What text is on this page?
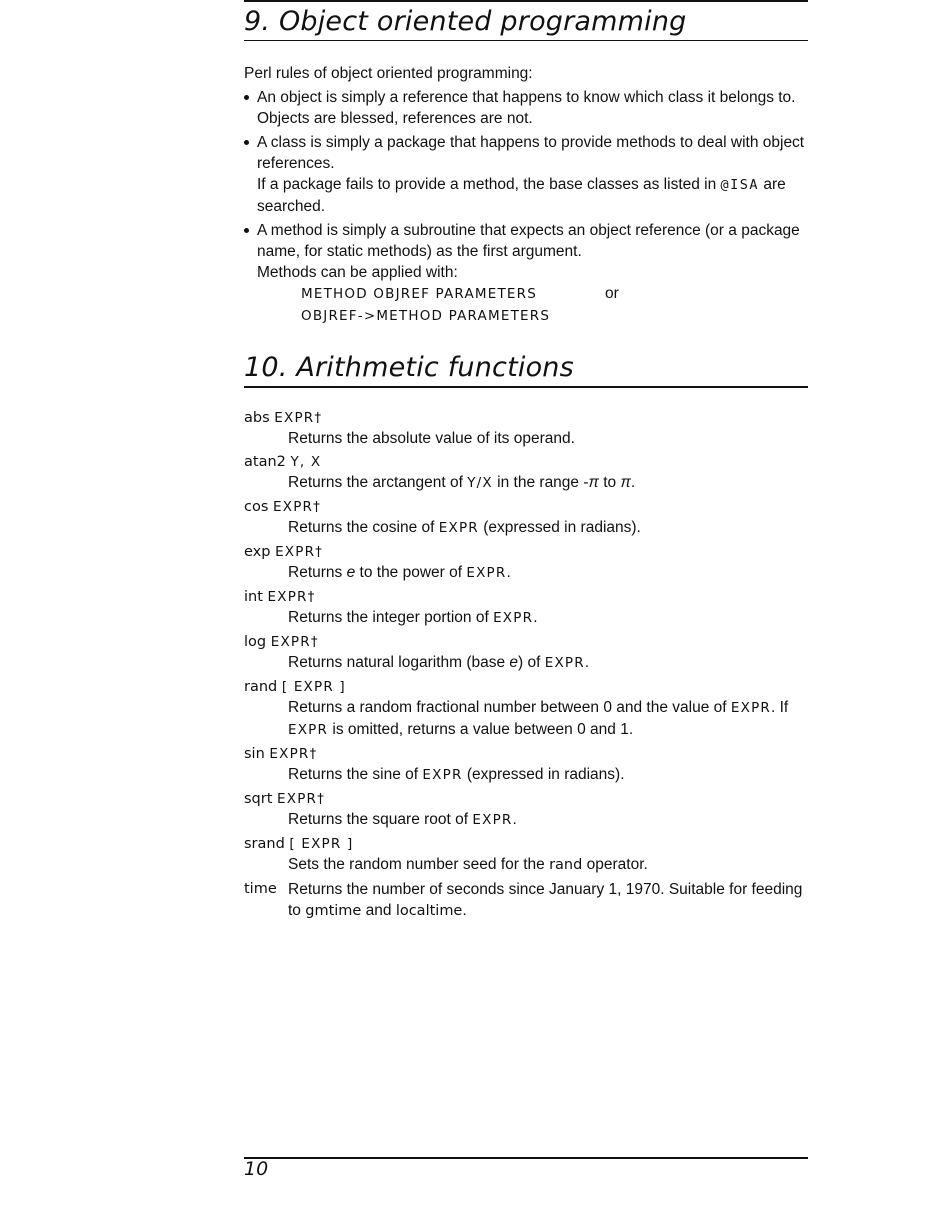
9. Object oriented programming
Perl rules of object oriented programming:
An object is simply a reference that happens to know which class it belongs to.
Objects are blessed, references are not.
A class is simply a package that happens to provide methods to deal with object references.
If a package fails to provide a method, the base classes as listed in @ISA are searched.
A method is simply a subroutine that expects an object reference (or a package name, for static methods) as the first argument.
Methods can be applied with:
METHOD OBJREF PARAMETERS	or
OBJREF->METHOD PARAMETERS
10. Arithmetic functions
abs EXPR†
Returns the absolute value of its operand.
atan2 Y, X
Returns the arctangent of Y/X in the range -π to π.
cos EXPR†
Returns the cosine of EXPR (expressed in radians).
exp EXPR†
Returns e to the power of EXPR.
int EXPR†
Returns the integer portion of EXPR.
log EXPR†
Returns natural logarithm (base e) of EXPR.
rand [ EXPR ]
Returns a random fractional number between 0 and the value of EXPR. If EXPR is omitted, returns a value between 0 and 1.
sin EXPR†
Returns the sine of EXPR (expressed in radians).
sqrt EXPR†
Returns the square root of EXPR.
srand [ EXPR ]
Sets the random number seed for the rand operator.
time Returns the number of seconds since January 1, 1970. Suitable for feeding to gmtime and localtime.
10
